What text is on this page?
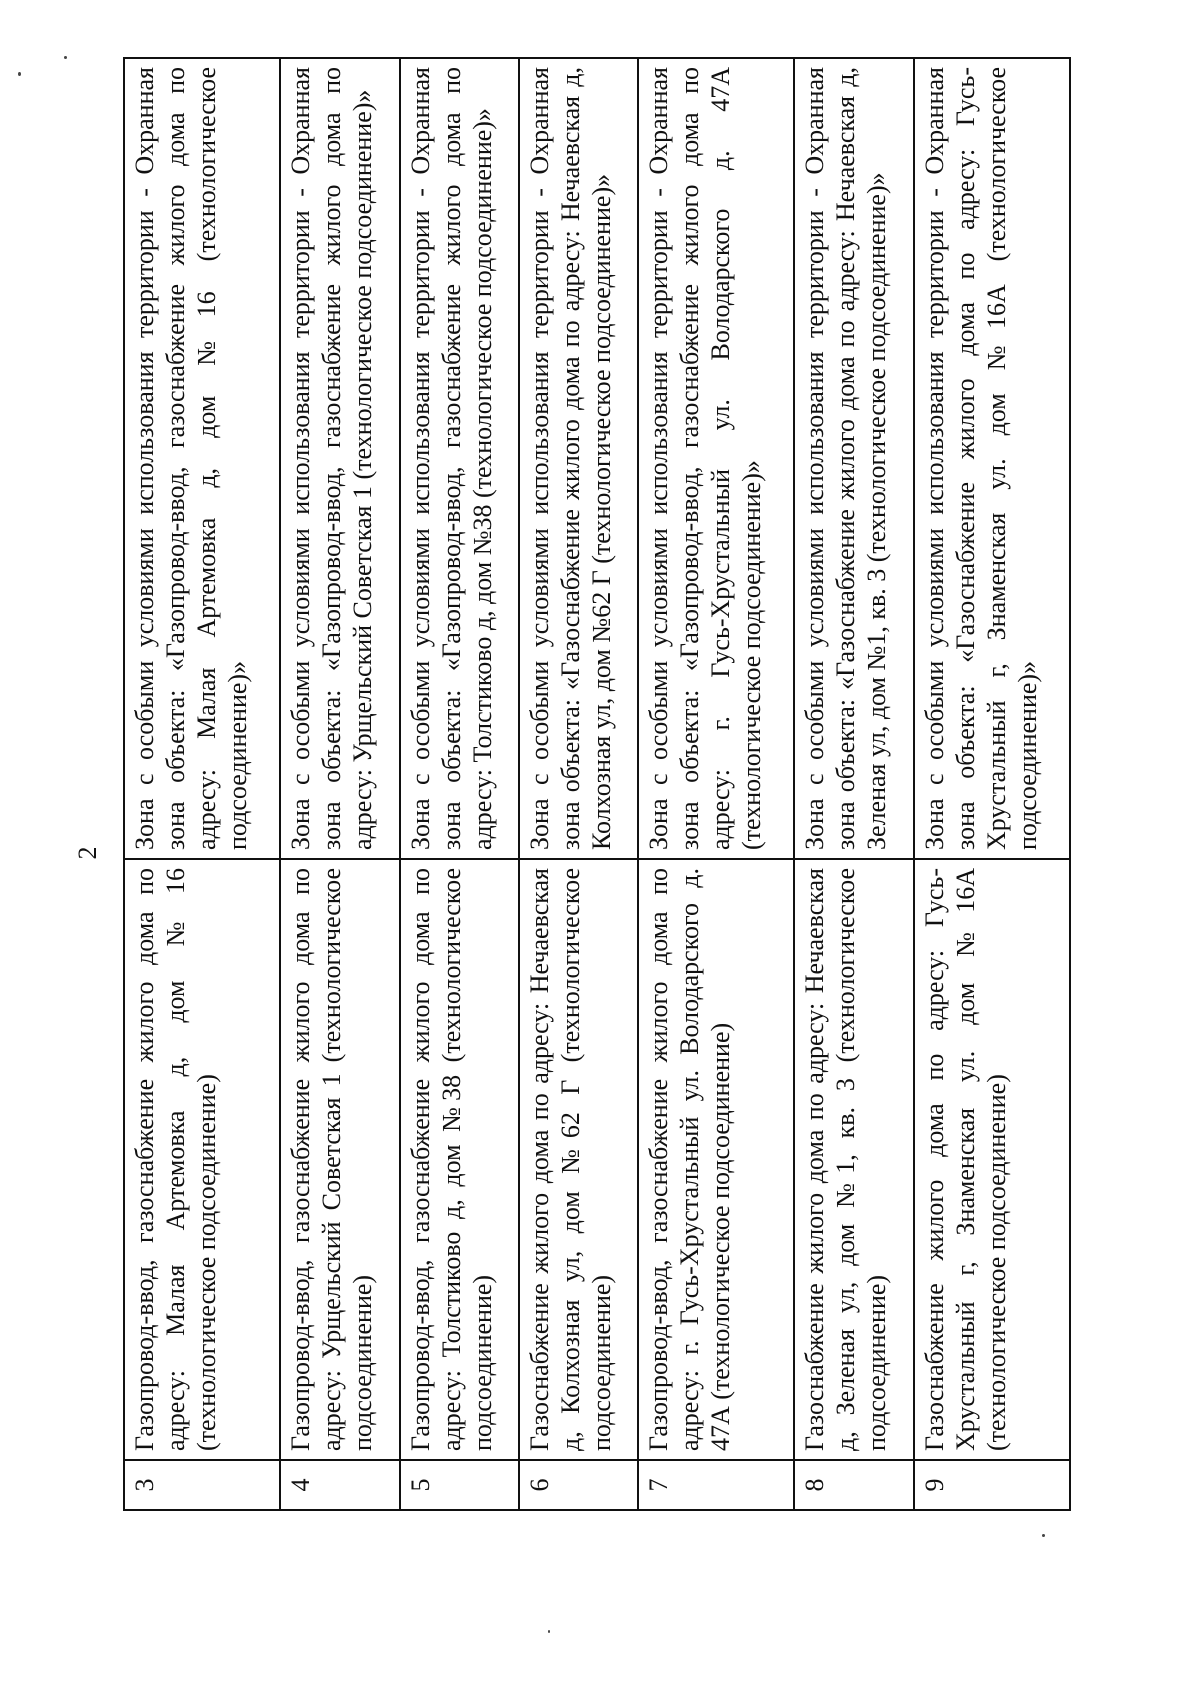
2
3	Газопровод-ввод, газоснабжение жилого дома по адресу: Малая Артемовка д, дом №16 (технологическое подсоединение)	Зона с особыми условиями использования территории - Охранная зона объекта: «Газопровод-ввод, газоснабжение жилого дома по адресу: Малая Артемовка д, дом №16 (технологическое подсоединение)»
4	Газопровод-ввод, газоснабжение жилого дома по адресу: Урщельский Советская 1 (технологическое подсоединение)	Зона с особыми условиями использования территории - Охранная зона объекта: «Газопровод-ввод, газоснабжение жилого дома по адресу: Урщельский Советская 1 (технологическое подсоединение)»
5	Газопровод-ввод, газоснабжение жилого дома по адресу: Толстиково д, дом №38 (технологическое подсоединение)	Зона с особыми условиями использования территории - Охранная зона объекта: «Газопровод-ввод, газоснабжение жилого дома по адресу: Толстиково д, дом №38 (технологическое подсоединение)»
6	Газоснабжение жилого дома по адресу: Нечаевская д, Колхозная ул, дом №62 Г (технологическое подсоединение)	Зона с особыми условиями использования территории - Охранная зона объекта: «Газоснабжение жилого дома по адресу: Нечаевская д, Колхозная ул, дом №62 Г (технологическое подсоединение)»
7	Газопровод-ввод, газоснабжение жилого дома по адресу: г. Гусь-Хрустальный ул. Володарского д. 47А (технологическое подсоединение)	Зона с особыми условиями использования территории - Охранная зона объекта: «Газопровод-ввод, газоснабжение жилого дома по адресу: г. Гусь-Хрустальный ул. Володарского д. 47А (технологическое подсоединение)»
8	Газоснабжение жилого дома по адресу: Нечаевская д, Зеленая ул, дом №1, кв. 3 (технологическое подсоединение)	Зона с особыми условиями использования территории - Охранная зона объекта: «Газоснабжение жилого дома по адресу: Нечаевская д, Зеленая ул, дом №1, кв. 3 (технологическое подсоединение)»
9	Газоснабжение жилого дома по адресу: Гусь-Хрустальный г, Знаменская ул. дом №16А (технологическое подсоединение)	Зона с особыми условиями использования территории - Охранная зона объекта: «Газоснабжение жилого дома по адресу: Гусь-Хрустальный г, Знаменская ул. дом №16А (технологическое подсоединение)»
